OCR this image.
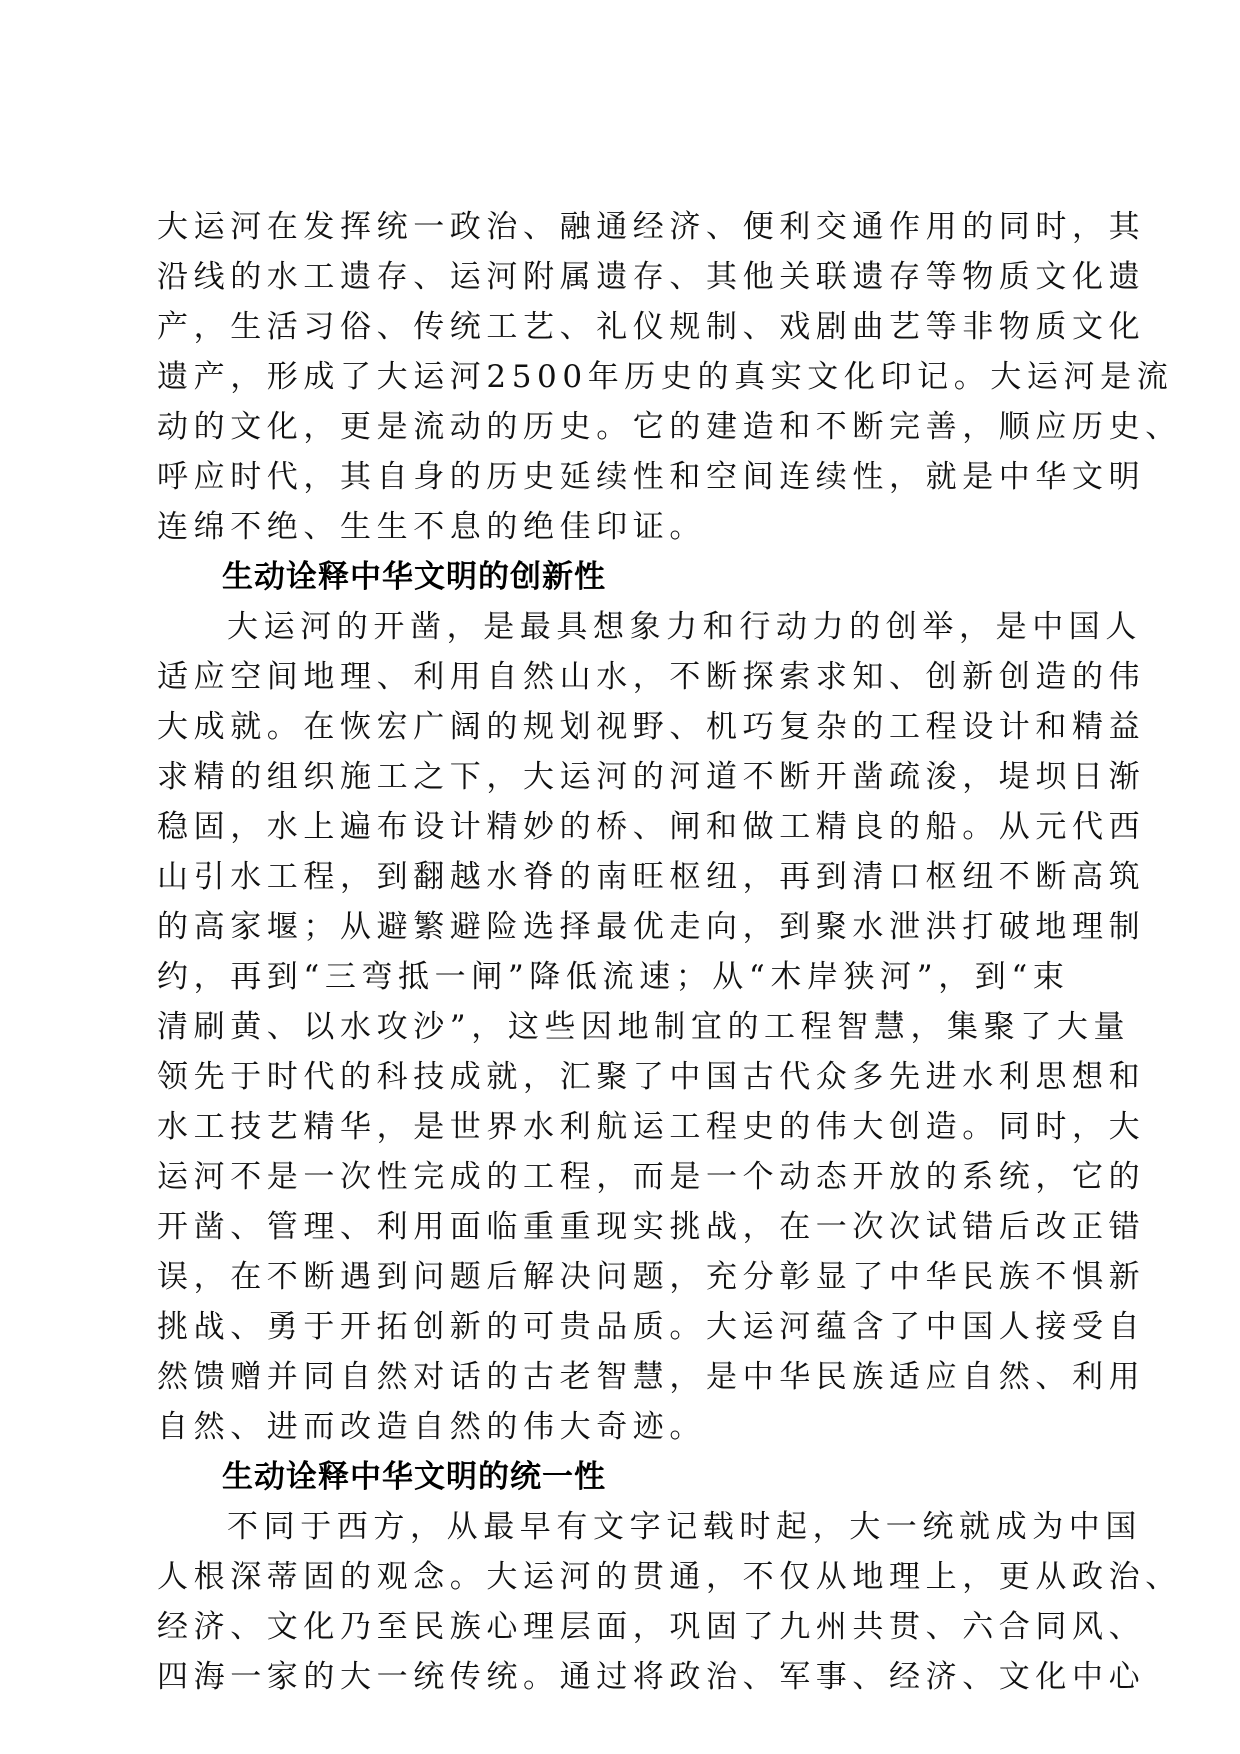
大运河在发挥统一政治、融通经济、便利交通作用的同时，其
沿线的水工遗存、运河附属遗存、其他关联遗存等物质文化遗
产，生活习俗、传统工艺、礼仪规制、戏剧曲艺等非物质文化
遗产，形成了大运河2500年历史的真实文化印记。大运河是流
动的文化，更是流动的历史。它的建造和不断完善，顺应历史、
呼应时代，其自身的历史延续性和空间连续性，就是中华文明
连绵不绝、生生不息的绝佳印证。
生动诠释中华文明的创新性
大运河的开凿，是最具想象力和行动力的创举，是中国人
适应空间地理、利用自然山水，不断探索求知、创新创造的伟
大成就。在恢宏广阔的规划视野、机巧复杂的工程设计和精益
求精的组织施工之下，大运河的河道不断开凿疏浚，堤坝日渐
稳固，水上遍布设计精妙的桥、闸和做工精良的船。从元代西
山引水工程，到翻越水脊的南旺枢纽，再到清口枢纽不断高筑
的高家堰；从避繁避险选择最优走向，到聚水泄洪打破地理制
约，再到“三弯抵一闸”降低流速；从“木岸狭河”，到“束
清刷黄、以水攻沙”，这些因地制宜的工程智慧，集聚了大量
领先于时代的科技成就，汇聚了中国古代众多先进水利思想和
水工技艺精华，是世界水利航运工程史的伟大创造。同时，大
运河不是一次性完成的工程，而是一个动态开放的系统，它的
开凿、管理、利用面临重重现实挑战，在一次次试错后改正错
误，在不断遇到问题后解决问题，充分彰显了中华民族不惧新
挑战、勇于开拓创新的可贵品质。大运河蕴含了中国人接受自
然馈赠并同自然对话的古老智慧，是中华民族适应自然、利用
自然、进而改造自然的伟大奇迹。
生动诠释中华文明的统一性
不同于西方，从最早有文字记载时起，大一统就成为中国
人根深蒂固的观念。大运河的贯通，不仅从地理上，更从政治、
经济、文化乃至民族心理层面，巩固了九州共贯、六合同风、
四海一家的大一统传统。通过将政治、军事、经济、文化中心
